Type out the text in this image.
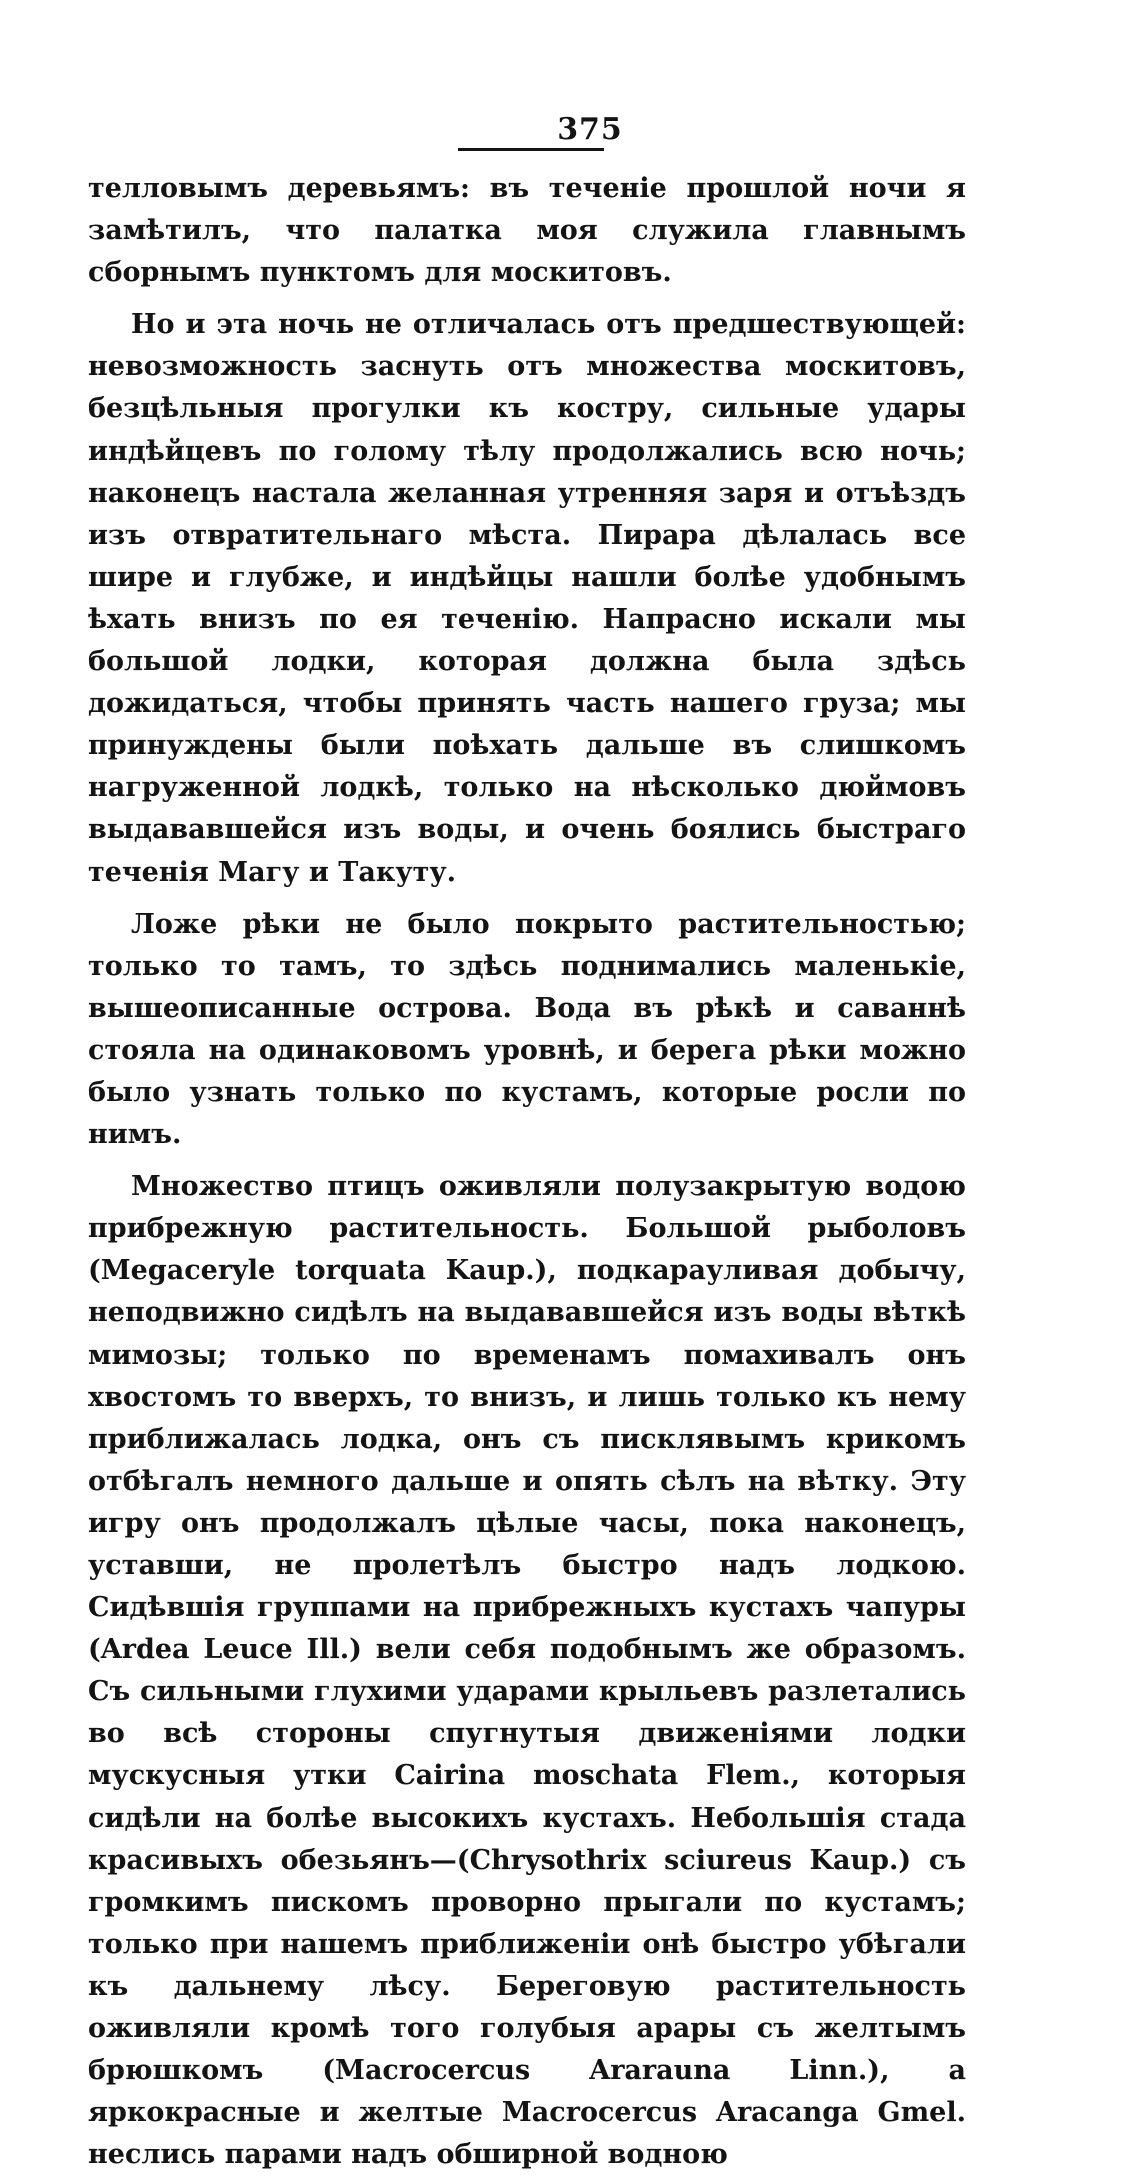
375

телловымъ деревьямъ: въ теченіе прошлой ночи я замѣтилъ, что палатка моя служила главнымъ сборнымъ пунктомъ для москитовъ.

Но и эта ночь не отличалась отъ предшествующей: невозможность заснуть отъ множества москитовъ, безцѣльныя прогулки къ костру, сильные удары индѣйцевъ по голому тѣлу продолжались всю ночь; наконецъ настала желанная утренняя заря и отъѣздъ изъ отвратительнаго мѣста. Пирара дѣлалась все шире и глубже, и индѣйцы нашли болѣе удобнымъ ѣхать внизъ по ея теченію. Напрасно искали мы большой лодки, которая должна была здѣсь дожидаться, чтобы принять часть нашего груза; мы принуждены были поѣхать дальше въ слишкомъ нагруженной лодкѣ, только на нѣсколько дюймовъ выдававшейся изъ воды, и очень боялись быстраго теченія Магу и Такуту.

Ложе рѣки не было покрыто растительностью; только то тамъ, то здѣсь поднимались маленькіе, вышеописанные острова. Вода въ рѣкѣ и саваннѣ стояла на одинаковомъ уровнѣ, и берега рѣки можно было узнать только по кустамъ, которые росли по нимъ.

Множество птицъ оживляли полузакрытую водою прибрежную растительность. Большой рыболовъ (Megaceryle torquata Kaup.), подкарауливая добычу, неподвижно сидѣлъ на выдававшейся изъ воды вѣткѣ мимозы; только по временамъ помахивалъ онъ хвостомъ то вверхъ, то внизъ, и лишь только къ нему приближалась лодка, онъ съ писклявымъ крикомъ отбѣгалъ немного дальше и опять сѣлъ на вѣтку. Эту игру онъ продолжалъ цѣлые часы, пока наконецъ, уставши, не пролетѣлъ быстро надъ лодкою. Сидѣвшія группами на прибрежныхъ кустахъ чапуры (Ardea Leuce Ill.) вели себя подобнымъ же образомъ. Съ сильными глухими ударами крыльевъ разлетались во всѣ стороны спугнутыя движеніями лодки мускусныя утки Cairina moschata Flem., которыя сидѣли на болѣе высокихъ кустахъ. Небольшія стада красивыхъ обезьянъ—(Chrysothrix sciureus Kaup.) съ громкимъ пискомъ проворно прыгали по кустамъ; только при нашемъ приближеніи онѣ быстро убѣгали къ дальнему лѣсу. Береговую растительность оживляли кромѣ того голубыя арары съ желтымъ брюшкомъ (Macrocercus Ararauna Linn.), а яркокрасные и желтые Macrocercus Aracanga Gmel. неслись парами надъ обширной водною
